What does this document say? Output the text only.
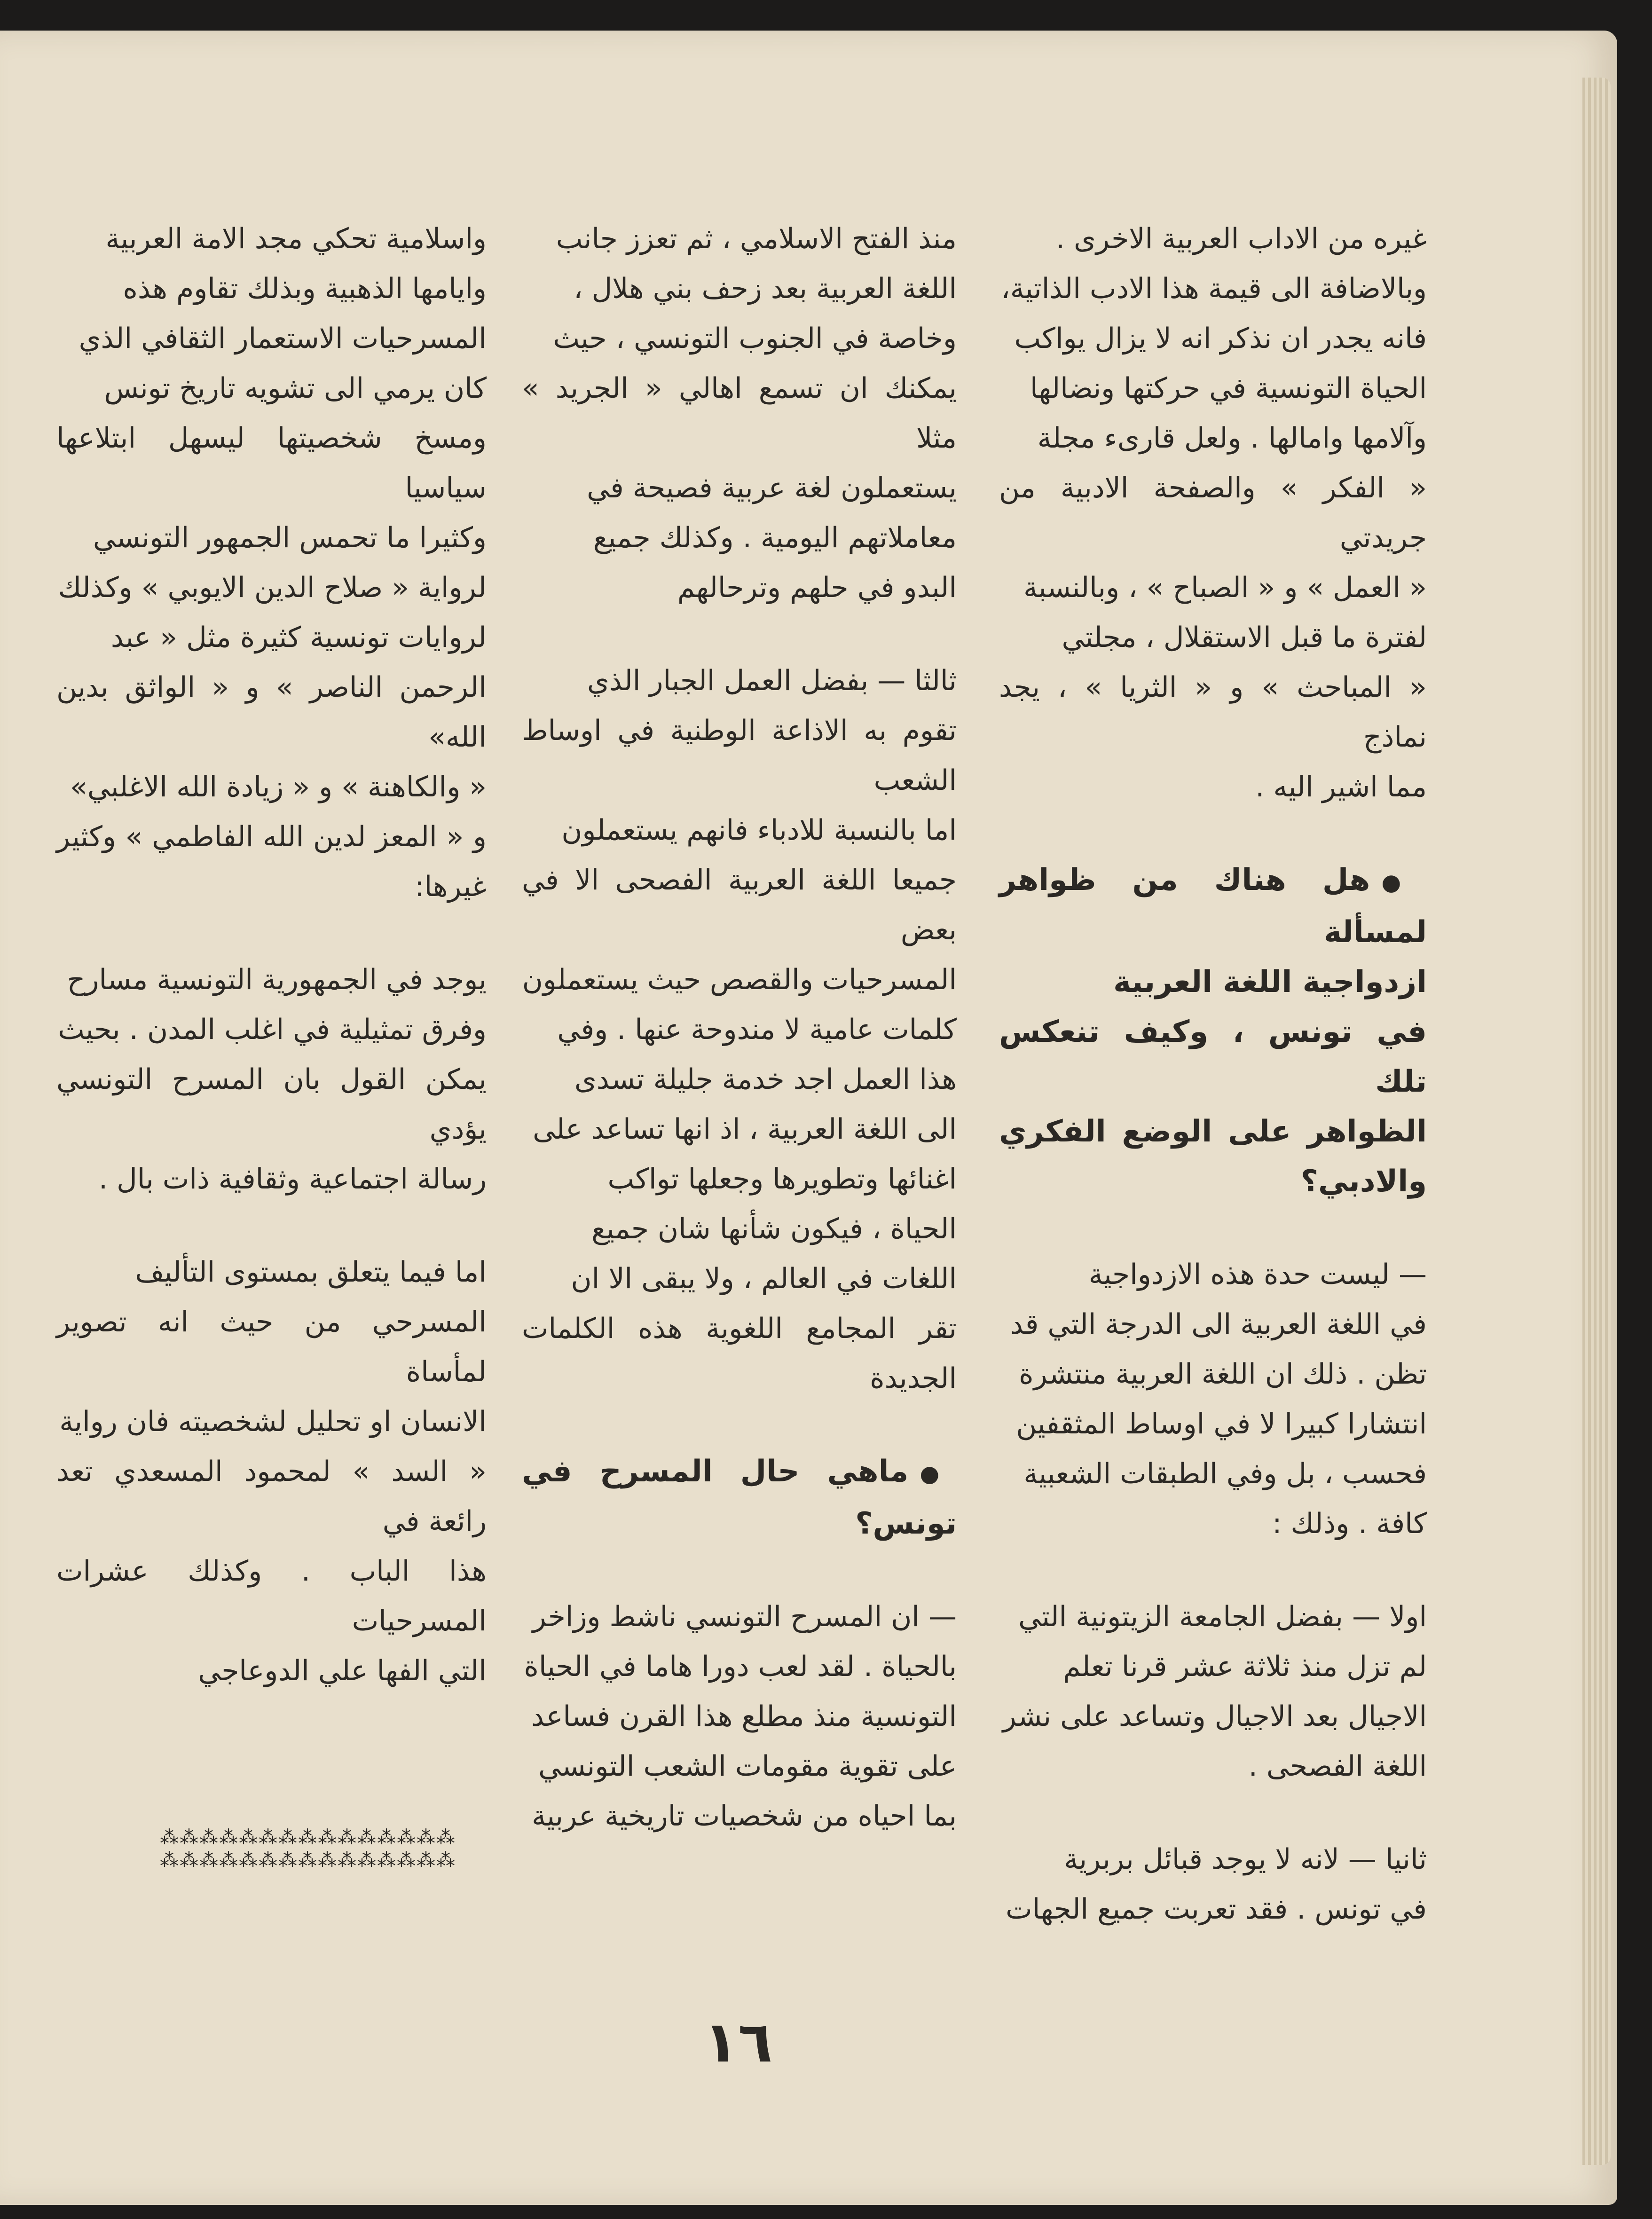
غيره من الاداب العربية الاخرى .

وبالاضافة الى قيمة هذا الادب الذاتية،

فانه يجدر ان نذكر انه لا يزال يواكب

الحياة التونسية في حركتها ونضالها

وآلامها وامالها . ولعل قارىء مجلة

« الفكر » والصفحة الادبية من جريدتي

« العمل » و « الصباح » ، وبالنسبة

لفترة ما قبل الاستقلال ، مجلتي

« المباحث » و « الثريا » ، يجد نماذج

مما اشير اليه .

●هل هناك من ظواهر لمسألة

ازدواجية اللغة العربية

في تونس ، وكيف تنعكس تلك

الظواهر على الوضع الفكري والادبي؟

— ليست حدة هذه الازدواجية

في اللغة العربية الى الدرجة التي قد

تظن . ذلك ان اللغة العربية منتشرة

انتشارا كبيرا لا في اوساط المثقفين

فحسب ، بل وفي الطبقات الشعبية

كافة . وذلك :

اولا — بفضل الجامعة الزيتونية التي

لم تزل منذ ثلاثة عشر قرنا تعلم

الاجيال بعد الاجيال وتساعد على نشر

اللغة الفصحى .

ثانيا — لانه لا يوجد قبائل بربرية

في تونس . فقد تعربت جميع الجهات

منذ الفتح الاسلامي ، ثم تعزز جانب

اللغة العربية بعد زحف بني هلال ،

وخاصة في الجنوب التونسي ، حيث

يمكنك ان تسمع اهالي « الجريد » مثلا

يستعملون لغة عربية فصيحة في

معاملاتهم اليومية . وكذلك جميع

البدو في حلهم وترحالهم

ثالثا — بفضل العمل الجبار الذي

تقوم به الاذاعة الوطنية في اوساط الشعب

اما بالنسبة للادباء فانهم يستعملون

جميعا اللغة العربية الفصحى الا في بعض

المسرحيات والقصص حيث يستعملون

كلمات عامية لا مندوحة عنها . وفي

هذا العمل اجد خدمة جليلة تسدى

الى اللغة العربية ، اذ انها تساعد على

اغنائها وتطويرها وجعلها تواكب

الحياة ، فيكون شأنها شان جميع

اللغات في العالم ، ولا يبقى الا ان

تقر المجامع اللغوية هذه الكلمات الجديدة

●ماهي حال المسرح في تونس؟

— ان المسرح التونسي ناشط وزاخر

بالحياة . لقد لعب دورا هاما في الحياة

التونسية منذ مطلع هذا القرن فساعد

على تقوية مقومات الشعب التونسي

بما احياه من شخصيات تاريخية عربية

واسلامية تحكي مجد الامة العربية

وايامها الذهبية وبذلك تقاوم هذه

المسرحيات الاستعمار الثقافي الذي

كان يرمي الى تشويه تاريخ تونس

ومسخ شخصيتها ليسهل ابتلاعها سياسيا

وكثيرا ما تحمس الجمهور التونسي

لرواية « صلاح الدين الايوبي » وكذلك

لروايات تونسية كثيرة مثل « عبد

الرحمن الناصر » و « الواثق بدين الله»

« والكاهنة » و « زيادة الله الاغلبي»

و « المعز لدين الله الفاطمي » وكثير غيرها:

يوجد في الجمهورية التونسية مسارح

وفرق تمثيلية في اغلب المدن . بحيث

يمكن القول بان المسرح التونسي يؤدي

رسالة اجتماعية وثقافية ذات بال .

اما فيما يتعلق بمستوى التأليف

المسرحي من حيث انه تصوير لمأساة

الانسان او تحليل لشخصيته فان رواية

« السد » لمحمود المسعدي تعد رائعة في

هذا الباب . وكذلك عشرات المسرحيات

التي الفها علي الدوعاجي

⁂⁂⁂⁂⁂⁂⁂⁂⁂⁂⁂⁂⁂⁂⁂
⁂⁂⁂⁂⁂⁂⁂⁂⁂⁂⁂⁂⁂⁂⁂
١٦
